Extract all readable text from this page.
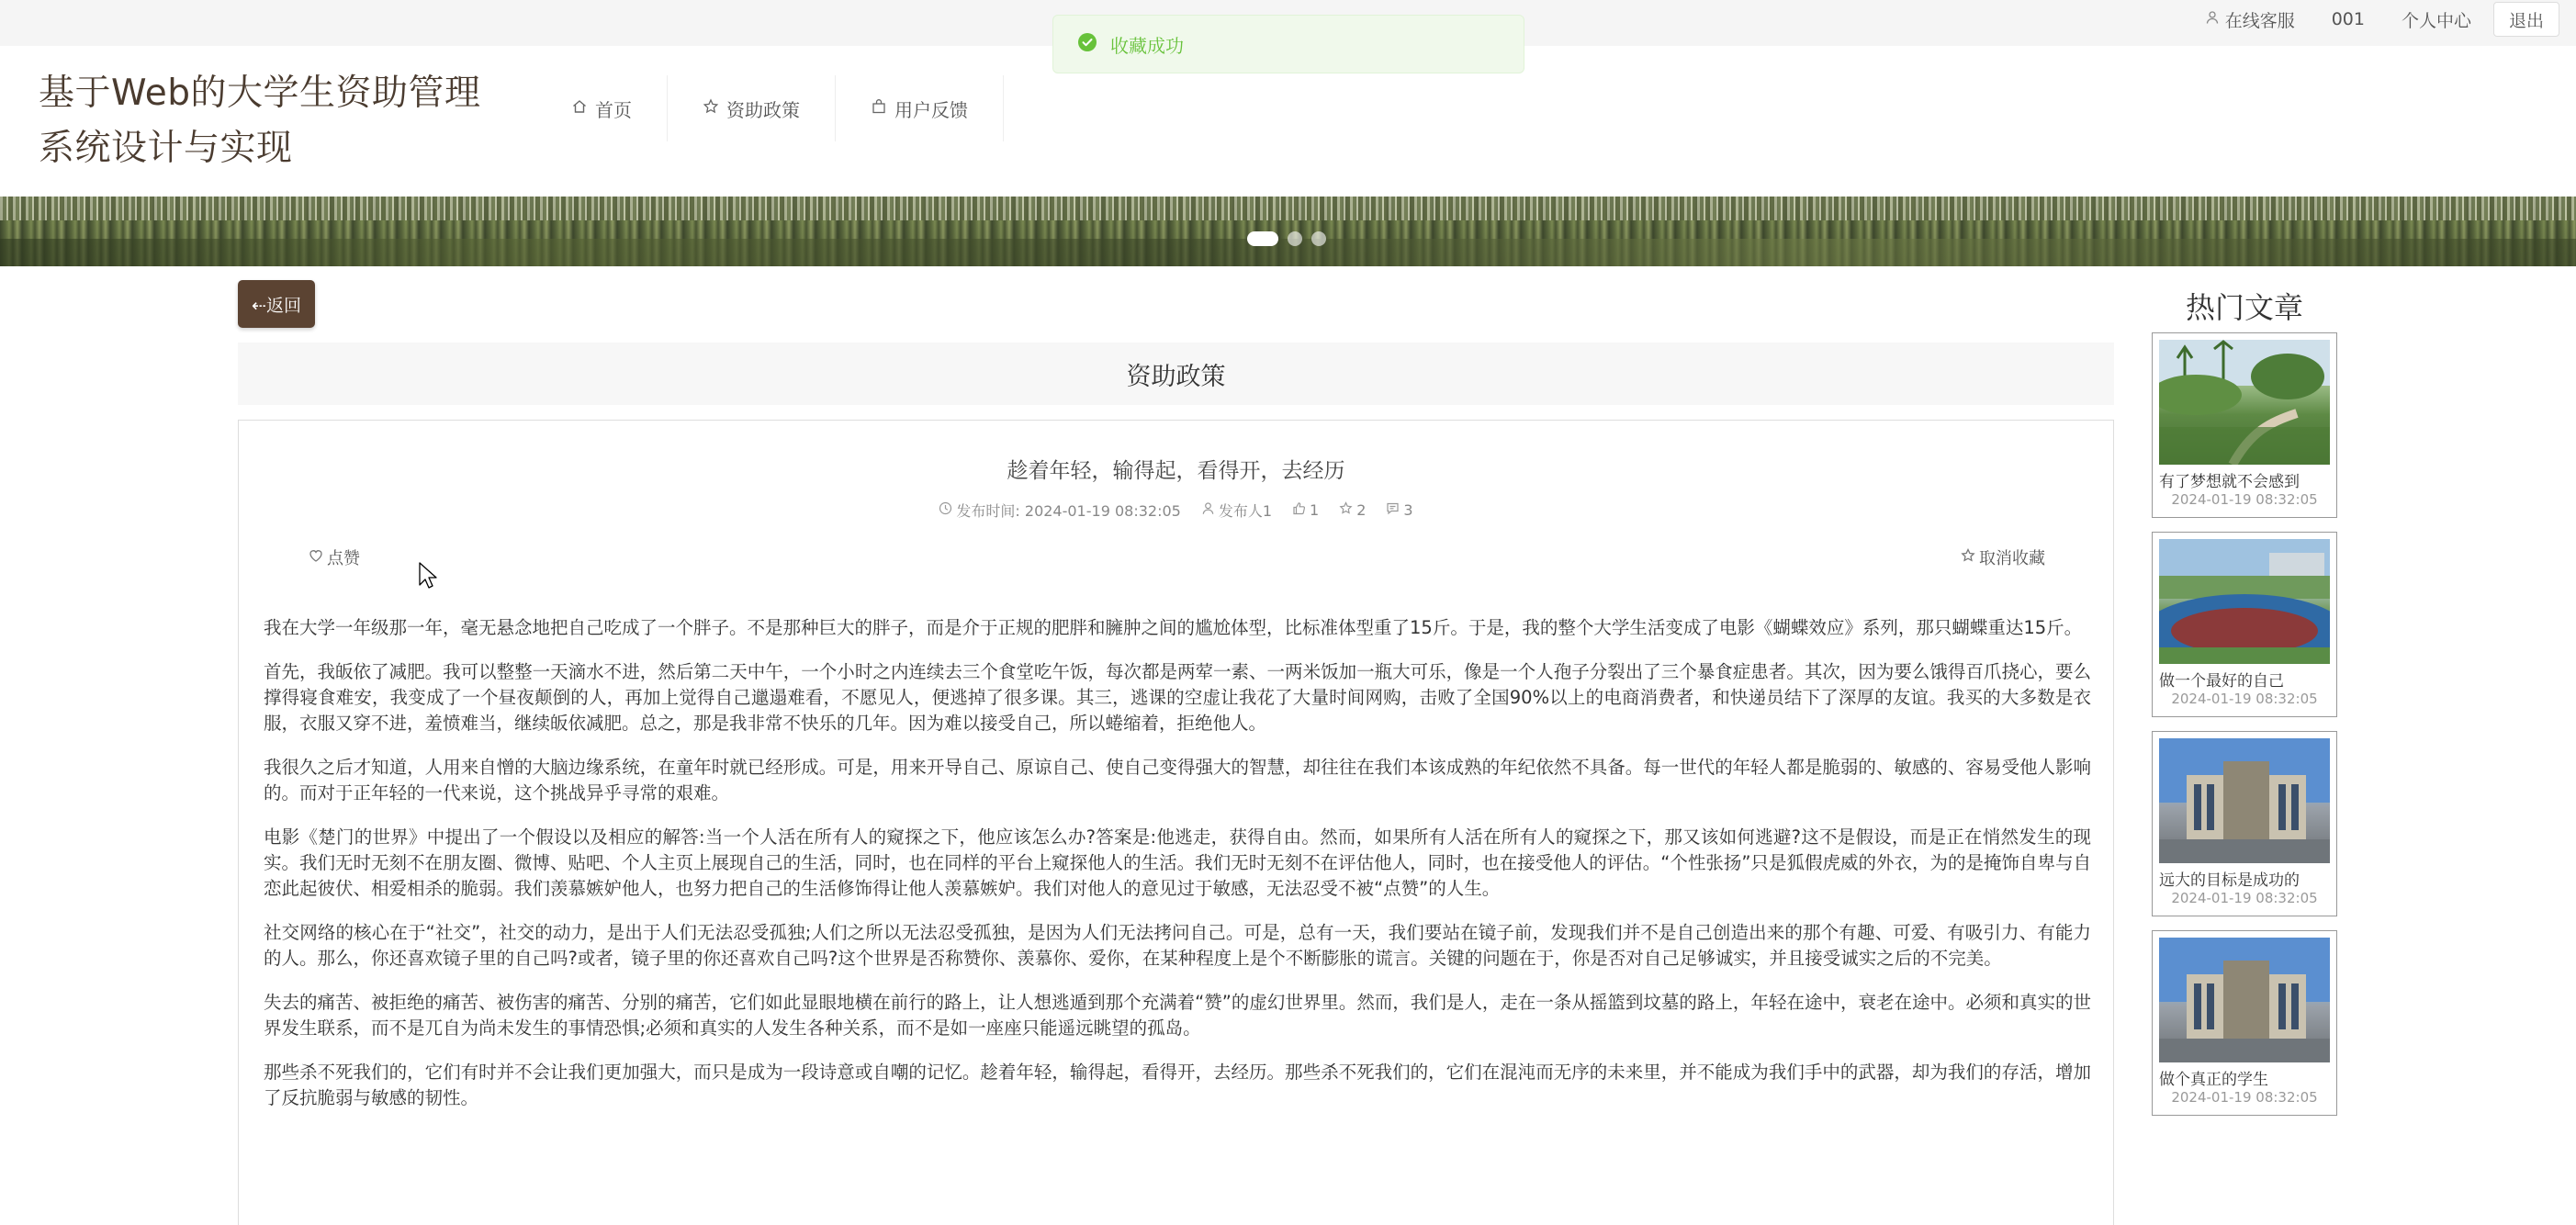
在线客服 001 个人中心 退出
收藏成功
基于Web的大学生资助管理系统设计与实现
首页	资助政策	用户反馈
⇠返回
资助政策
趁着年轻，输得起，看得开，去经历
发布时间: 2024-01-19 08:32:05	发布人1	1	2	3
点赞	取消收藏

我在大学一年级那一年，毫无悬念地把自己吃成了一个胖子。不是那种巨大的胖子，而是介于正规的肥胖和臃肿之间的尴尬体型，比标准体型重了15斤。于是，我的整个大学生活变成了电影《蝴蝶效应》系列，那只蝴蝶重达15斤。

首先，我皈依了减肥。我可以整整一天滴水不进，然后第二天中午，一个小时之内连续去三个食堂吃午饭，每次都是两荤一素、一两米饭加一瓶大可乐，像是一个人孢子分裂出了三个暴食症患者。其次，因为要么饿得百爪挠心，要么撑得寝食难安，我变成了一个昼夜颠倒的人，再加上觉得自己邋遢难看，不愿见人，便逃掉了很多课。其三，逃课的空虚让我花了大量时间网购，击败了全国90%以上的电商消费者，和快递员结下了深厚的友谊。我买的大多数是衣服，衣服又穿不进，羞愤难当，继续皈依减肥。总之，那是我非常不快乐的几年。因为难以接受自己，所以蜷缩着，拒绝他人。

我很久之后才知道，人用来自憎的大脑边缘系统，在童年时就已经形成。可是，用来开导自己、原谅自己、使自己变得强大的智慧，却往往在我们本该成熟的年纪依然不具备。每一世代的年轻人都是脆弱的、敏感的、容易受他人影响的。而对于正年轻的一代来说，这个挑战异乎寻常的艰难。

电影《楚门的世界》中提出了一个假设以及相应的解答:当一个人活在所有人的窥探之下，他应该怎么办?答案是:他逃走，获得自由。然而，如果所有人活在所有人的窥探之下，那又该如何逃避?这不是假设，而是正在悄然发生的现实。我们无时无刻不在朋友圈、微博、贴吧、个人主页上展现自己的生活，同时，也在同样的平台上窥探他人的生活。我们无时无刻不在评估他人，同时，也在接受他人的评估。“个性张扬”只是狐假虎威的外衣，为的是掩饰自卑与自恋此起彼伏、相爱相杀的脆弱。我们羡慕嫉妒他人，也努力把自己的生活修饰得让他人羡慕嫉妒。我们对他人的意见过于敏感，无法忍受不被“点赞”的人生。

社交网络的核心在于“社交”，社交的动力，是出于人们无法忍受孤独;人们之所以无法忍受孤独，是因为人们无法拷问自己。可是，总有一天，我们要站在镜子前，发现我们并不是自己创造出来的那个有趣、可爱、有吸引力、有能力的人。那么，你还喜欢镜子里的自己吗?或者，镜子里的你还喜欢自己吗?这个世界是否称赞你、羡慕你、爱你，在某种程度上是个不断膨胀的谎言。关键的问题在于，你是否对自己足够诚实，并且接受诚实之后的不完美。

失去的痛苦、被拒绝的痛苦、被伤害的痛苦、分别的痛苦，它们如此显眼地横在前行的路上，让人想逃遁到那个充满着“赞”的虚幻世界里。然而，我们是人，走在一条从摇篮到坟墓的路上，年轻在途中，衰老在途中。必须和真实的世界发生联系，而不是兀自为尚未发生的事情恐惧;必须和真实的人发生各种关系，而不是如一座座只能遥远眺望的孤岛。

那些杀不死我们的，它们有时并不会让我们更加强大，而只是成为一段诗意或自嘲的记忆。趁着年轻，输得起，看得开，去经历。那些杀不死我们的，它们在混沌而无序的未来里，并不能成为我们手中的武器，却为我们的存活，增加了反抗脆弱与敏感的韧性。

热门文章
有了梦想就不会感到
2024-01-19 08:32:05
做一个最好的自己
2024-01-19 08:32:05
远大的目标是成功的
2024-01-19 08:32:05
做个真正的学生
2024-01-19 08:32:05
